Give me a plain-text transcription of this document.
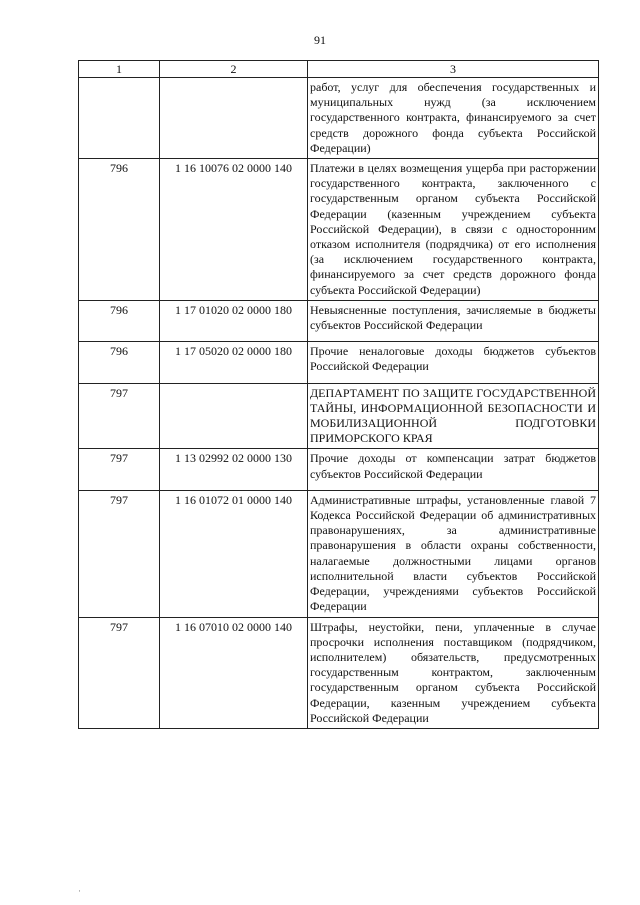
91
1	2	3
		работ, услуг для обеспечения государственных и муниципальных нужд (за исключением государственного контракта, финансируемого за счет средств дорожного фонда субъекта Российской Федерации)
796	1 16 10076 02 0000 140	Платежи в целях возмещения ущерба при расторжении государственного контракта, заключенного с государственным органом субъекта Российской Федерации (казенным учреждением субъекта Российской Федерации), в связи с односторонним отказом исполнителя (подрядчика) от его исполнения (за исключением государственного контракта, финансируемого за счет средств дорожного фонда субъекта Российской Федерации)
796	1 17 01020 02 0000 180	Невыясненные поступления, зачисляемые в бюджеты субъектов Российской Федерации
796	1 17 05020 02 0000 180	Прочие неналоговые доходы бюджетов субъектов Российской Федерации
797		ДЕПАРТАМЕНТ ПО ЗАЩИТЕ ГОСУДАРСТВЕННОЙ ТАЙНЫ, ИНФОРМАЦИОННОЙ БЕЗОПАСНОСТИ И МОБИЛИЗАЦИОННОЙ ПОДГОТОВКИ
ПРИМОРСКОГО КРАЯ

797	1 13 02992 02 0000 130	Прочие доходы от компенсации затрат бюджетов субъектов Российской Федерации
797	1 16 01072 01 0000 140	Административные штрафы, установленные главой 7 Кодекса Российской Федерации об административных правонарушениях, за административные правонарушения в области охраны собственности, налагаемые должностными лицами органов исполнительной власти субъектов Российской Федерации, учреждениями субъектов Российской Федерации
797	1 16 07010 02 0000 140	Штрафы, неустойки, пени, уплаченные в случае просрочки исполнения поставщиком (подрядчиком, исполнителем) обязательств, предусмотренных государственным контрактом, заключенным государственным органом субъекта Российской Федерации, казенным учреждением субъекта Российской Федерации
·
